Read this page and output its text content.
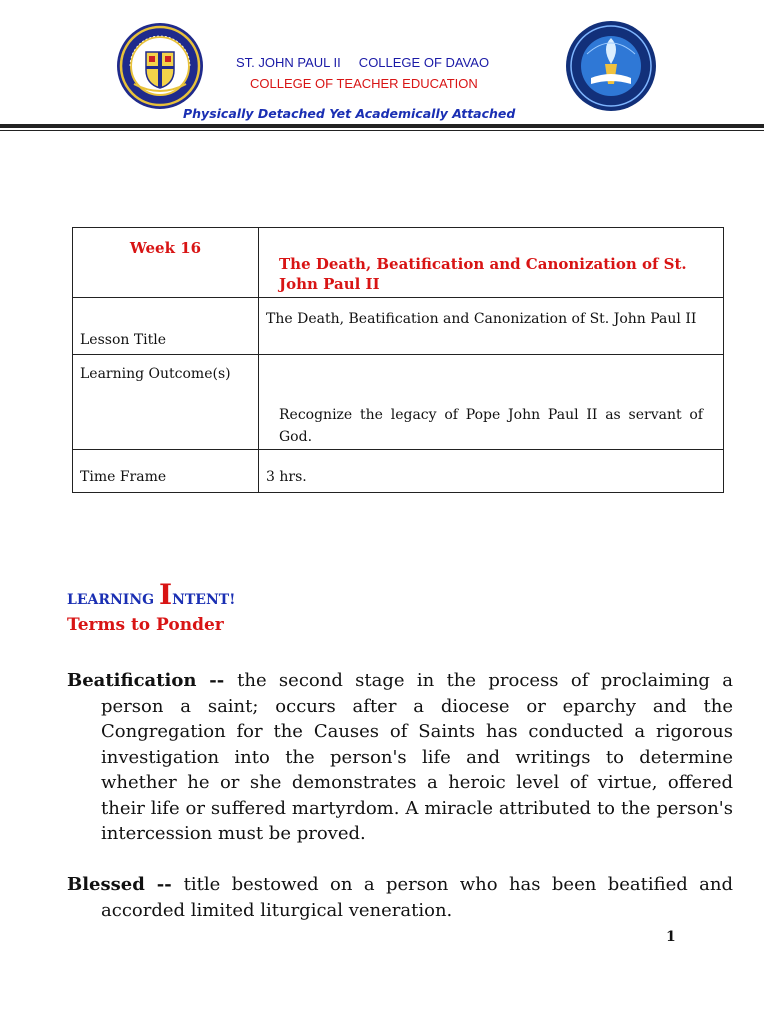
ST. JOHN PAUL II     COLLEGE OF DAVAO

COLLEGE OF TEACHER EDUCATION

Physically Detached Yet Academically Attached

Week 16	The Death, Beatification and Canonization of St. John Paul II
Lesson Title	The Death, Beatification and Canonization of St. John Paul II
Learning Outcome(s)	Recognize the legacy of Pope John Paul II as servant of God.
Time Frame	3 hrs.

LEARNING INTENT!

Terms to Ponder

Beatification -- the second stage in the process of proclaiming a person a saint; occurs after a diocese or eparchy and the Congregation for the Causes of Saints has conducted a rigorous investigation into the person's life and writings to determine whether he or she demonstrates a heroic level of virtue, offered their life or suffered martyrdom. A miracle attributed to the person's intercession must be proved.

Blessed -- title bestowed on a person who has been beatified and accorded limited liturgical veneration.

1
